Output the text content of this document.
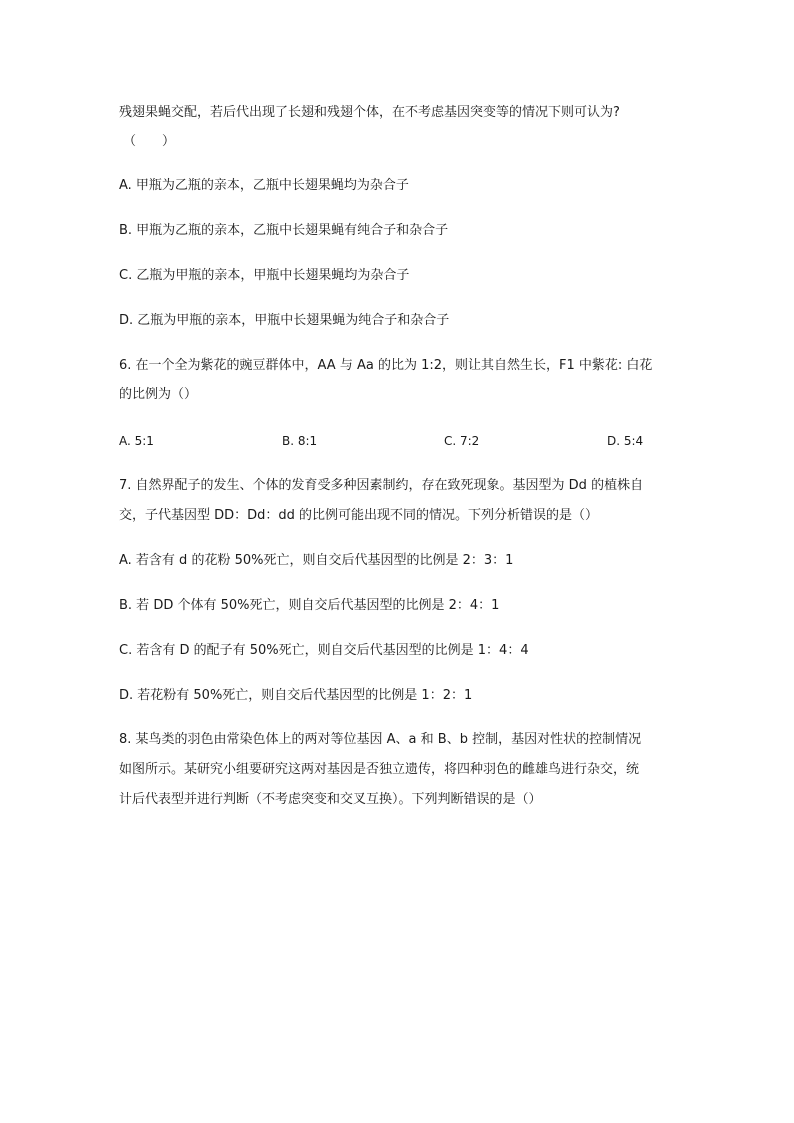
残翅果蝇交配，若后代出现了长翅和残翅个体，在不考虑基因突变等的情况下则可认为?
（　　）
A. 甲瓶为乙瓶的亲本，乙瓶中长翅果蝇均为杂合子
B. 甲瓶为乙瓶的亲本，乙瓶中长翅果蝇有纯合子和杂合子
C. 乙瓶为甲瓶的亲本，甲瓶中长翅果蝇均为杂合子
D. 乙瓶为甲瓶的亲本，甲瓶中长翅果蝇为纯合子和杂合子
6. 在一个全为紫花的豌豆群体中，AA 与 Aa 的比为 1:2，则让其自然生长，F1 中紫花: 白花
的比例为（）
A. 5:1	B. 8:1	C. 7:2	D. 5:4
7. 自然界配子的发生、个体的发育受多种因素制约，存在致死现象。基因型为 Dd 的植株自
交，子代基因型 DD：Dd：dd 的比例可能出现不同的情况。下列分析错误的是（）
A. 若含有 d 的花粉 50%死亡，则自交后代基因型的比例是 2：3：1
B. 若 DD 个体有 50%死亡，则自交后代基因型的比例是 2：4：1
C. 若含有 D 的配子有 50%死亡，则自交后代基因型的比例是 1：4：4
D. 若花粉有 50%死亡，则自交后代基因型的比例是 1：2：1
8. 某鸟类的羽色由常染色体上的两对等位基因 A、a 和 B、b 控制，基因对性状的控制情况
如图所示。某研究小组要研究这两对基因是否独立遗传，将四种羽色的雌雄鸟进行杂交，统
计后代表型并进行判断（不考虑突变和交叉互换）。下列判断错误的是（）
